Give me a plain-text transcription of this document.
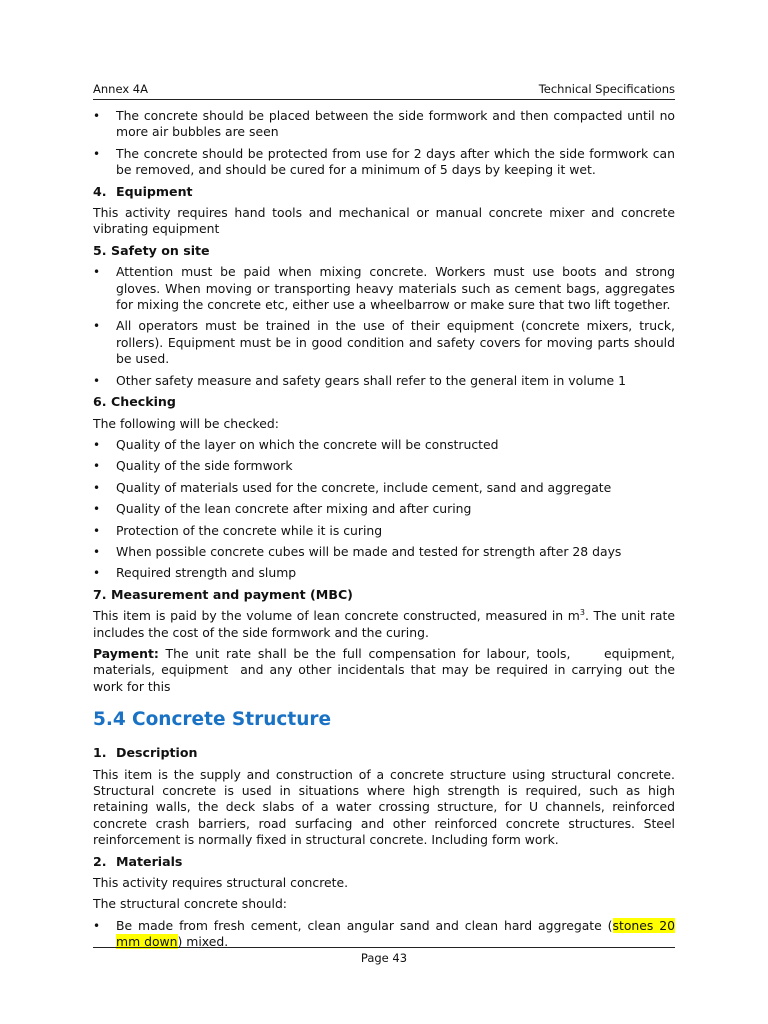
Annex 4A	Technical Specifications
• The concrete should be placed between the side formwork and then compacted until no more air bubbles are seen
• The concrete should be protected from use for 2 days after which the side formwork can be removed, and should be cured for a minimum of 5 days by keeping it wet.
4. Equipment

This activity requires hand tools and mechanical or manual concrete mixer and concrete vibrating equipment

5. Safety on site
• Attention must be paid when mixing concrete. Workers must use boots and strong gloves. When moving or transporting heavy materials such as cement bags, aggregates for mixing the concrete etc, either use a wheelbarrow or make sure that two lift together.
• All operators must be trained in the use of their equipment (concrete mixers, truck, rollers). Equipment must be in good condition and safety covers for moving parts should be used.
• Other safety measure and safety gears shall refer to the general item in volume 1
6. Checking

The following will be checked:

• Quality of the layer on which the concrete will be constructed
• Quality of the side formwork
• Quality of materials used for the concrete, include cement, sand and aggregate
• Quality of the lean concrete after mixing and after curing
• Protection of the concrete while it is curing
• When possible concrete cubes will be made and tested for strength after 28 days
• Required strength and slump
7. Measurement and payment (MBC)

This item is paid by the volume of lean concrete constructed, measured in $m^3$. The unit rate includes the cost of the side formwork and the curing.

Payment: The unit rate shall be the full compensation for labour, tools,     equipment, materials, equipment  and any other incidentals that may be required in carrying out the work for this

5.4 Concrete Structure
1. Description

This item is the supply and construction of a concrete structure using structural concrete. Structural concrete is used in situations where high strength is required, such as high retaining walls, the deck slabs of a water crossing structure, for U channels, reinforced concrete crash barriers, road surfacing and other reinforced concrete structures. Steel reinforcement is normally fixed in structural concrete. Including form work.

2. Materials

This activity requires structural concrete.

The structural concrete should:

• Be made from fresh cement, clean angular sand and clean hard aggregate (stones 20 mm down) mixed.
Page 43
